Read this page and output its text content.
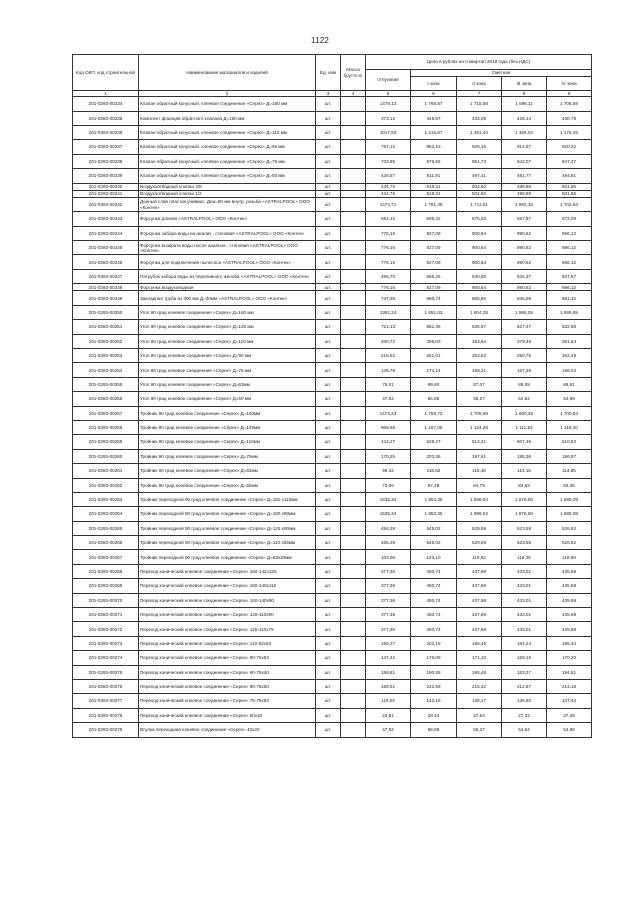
1122
Код ОКП, код строительной	Наименование материалов и изделий	Ед. изм	Масса брутто кг	Цена в рублях на II квартал 2018 года (без НДС)				
				отпускная	Сметная			
					I зона	II зона	III зона	IV зона
1	2	3	4	5	6	7	8	9
201-0393-00234	Клапан обратный конусный, клеевое соединение «Серех» Д=160 мм	шт.		1478,13	1 765,57	1 715,58	1 696,11	1 706,59
201-0393-00235	Комплект фланцев обратного клапана Д=160 мм	шт.		373,12	445,67	433,05	428,14	430,79
201-0393-00236	Клапан обратный конусный, клеевое соединение «Серех» Д=110 мм	шт.		1017,93	1 215,87	1 181,44	1 168,04	1 175,25
201-0393-00237	Клапан обратный конусный, клеевое соединение «Серех» Д=90 мм	шт.		797,12	952,13	925,16	914,67	920,32
201-0393-00238	Клапан обратный конусный, клеевое соединение «Серех» Д=75 мм	шт.		733,85	876,55	851,73	842,07	847,27
201-0393-00239	Клапан обратный конусный, клеевое соединение «Серех» Д=50 мм	шт.		428,57	511,91	497,41	491,77	494,81
201-0393-00240	Воздухоотводный клапан 3/8	шт.		434,76	519,31	504,60	498,88	501,96
201-0393-00241	Воздухоотводный клапан 1/2	шт.		434,76	519,31	504,60	498,88	501,96
201-0393-00242	Донный слив пластик универс. Дна=50 мм внутр. резьба «ASTRALPOOL» ООО «Контек»	шт.		1474,71	1 761,49	1 711,61	1 692,19	1 702,64
201-0393-00243	Форсунка донная «ASTRALPOOL» ООО «Контек»	шт.		582,12	695,32	675,63	667,97	672,09
201-0393-00244	Форсунка забора воды на анализ , стеновая «ASTRALPOOL» ООО «Контек»	шт.		776,16	927,09	900,84	890,62	896,12
201-0393-00245	Форсунка возврата воды после анализа , стеновая «ASTRALPOOL» ООО «Контек»	шт.		776,16	927,09	900,84	890,62	896,12
201-0393-00246	Форсунка для подключения пылесоса «ASTRALPOOL» ООО «Контек»	шт.		776,16	927,09	900,84	890,62	896,12
201-0393-00247	Патрубок забора воды из переливного желоба «ASTRALPOOL» ООО «Контек»	шт.		465,70	556,26	540,50	534,37	537,67
201-0393-00248	Форсунка воздуховодная	шт.		776,16	927,09	900,84	890,62	896,12
201-0393-00249	Закладная труба из 300 мм Д=40мм «ASTRALPOOL» ООО «Контек»	шт.		737,35	880,74	855,80	846,09	851,32
201-0393-00250	Угол 90 град клеевое соединение «Серех» Д=160 мм	шт.		1382,24	1 651,03	1 604,28	1 586,08	1 595,88
201-0393-00251	Угол 90 град клеевое соединение «Серех» Д=125 мм	шт.		721,13	861,36	836,97	827,47	832,58
201-0393-00252	Угол 90 град клеевое соединение «Серех» Д=110 мм	шт.		330,72	395,03	383,84	379,49	381,83
201-0393-00253	Угол 90 град клеевое соединение «Серех» Д=90 мм	шт.		218,52	261,01	253,62	250,75	252,29
201-0393-00254	Угол 90 град клеевое соединение «Серех» Д=75 мм	шт.		145,79	174,14	169,21	167,29	168,33
201-0393-00255	Угол 90 град клеевое соединение «Серех» Д=63мм	шт.		75,01	89,60	87,07	86,08	86,61
201-0393-00256	Угол 90 град клеевое соединение «Серех» Д=50 мм	шт.		47,62	56,88	55,27	54,64	54,98
201-0393-00257	Тройник 90 град клеевое соединение «Серех» Д=160мм	шт.		1473,23	1 759,72	1 709,89	1 690,49	1 700,94
201-0393-00258	Тройник 90 град клеевое соединение «Серех» Д=125мм	шт.		968,68	1 157,05	1 124,28	1 111,53	1 118,40
201-0393-00259	Тройник 90 град клеевое соединение «Серех» Д=110мм	шт.		442,27	528,27	513,31	507,49	510,63
201-0393-00260	Тройник 90 град клеевое соединение «Серех» Д=75мм	шт.		170,25	203,36	197,61	195,36	196,57
201-0393-00261	Тройник 90 град клеевое соединение «Серех» Д=63мм	шт.		99,42	118,82	115,48	114,15	114,85
201-0393-00262	Тройник 90 град клеевое соединение «Серех» Д=50мм	шт.		73,06	87,28	84,79	83,83	84,35
201-0393-00263	Тройник переходной 90 град клеевое соединение «Серех» Д=160 х110мм	шт.		1635,34	1 953,35	1 898,04	1 876,50	1 888,09
201-0393-00264	Тройник переходной 90 град клеевое соединение «Серех» Д=160 х90мм	шт.		1635,34	1 953,35	1 898,04	1 876,50	1 888,09
201-0393-00265	Тройник переходной 90 град клеевое соединение «Серех» Д=125 х90мм	шт.		456,29	545,02	529,59	523,58	526,82
201-0393-00266	Тройник переходной 90 град клеевое соединение «Серех» Д=110 х63мм	шт.		456,29	545,02	529,59	523,58	526,82
201-0393-00267	Тройник переходной 90 град клеевое соединение «Серех» Д=63х20мм	шт.		103,06	123,10	119,62	118,26	118,99
201-0393-00268	Переход конический клеевое соединение «Серех» 160-142х125	шт.		377,36	450,74	437,98	433,01	435,69
201-0393-00269	Переход конический клеевое соединение «Серех» 160-140х110	шт.		377,36	450,74	437,98	433,01	435,69
201-0393-00270	Переход конический клеевое соединение «Серех» 160-140х90	шт.		377,36	450,74	437,98	433,01	435,69
201-0393-00271	Переход конический клеевое соединение «Серех» 125-110х90	шт.		377,36	450,74	437,98	433,01	435,69
201-0393-00272	Переход конический клеевое соединение «Серех» 125-110х75	шт.		377,36	450,74	437,98	433,01	435,69
201-0393-00273	Переход конический клеевое соединение «Серех» 110-92х63	шт.		169,27	202,19	196,46	194,24	195,44
201-0393-00274	Переход конический клеевое соединение «Серех» 90-75х63	шт.		147,42	176,09	171,10	169,16	170,20
201-0393-00275	Переход конический клеевое соединение «Серех» 90-75х40	шт.		159,81	190,88	185,48	183,37	184,51
201-0393-00276	Переход конический клеевое соединение «Серех» 90-75х50	шт.		185,51	221,59	215,32	212,87	214,18
201-0393-00277	Переход конический клеевое соединение «Серех» 75-75х63	шт.		119,04	142,19	138,17	136,60	137,44
201-0393-00278	Переход конический клеевое соединение «Серех» 50х40	шт.		23,81	28,44	27,64	27,32	27,49
201-0393-00279	Втулка переходная клеевое соединение «Серех» 40х20	шт.		47,62	56,88	55,27	54,64	54,98
